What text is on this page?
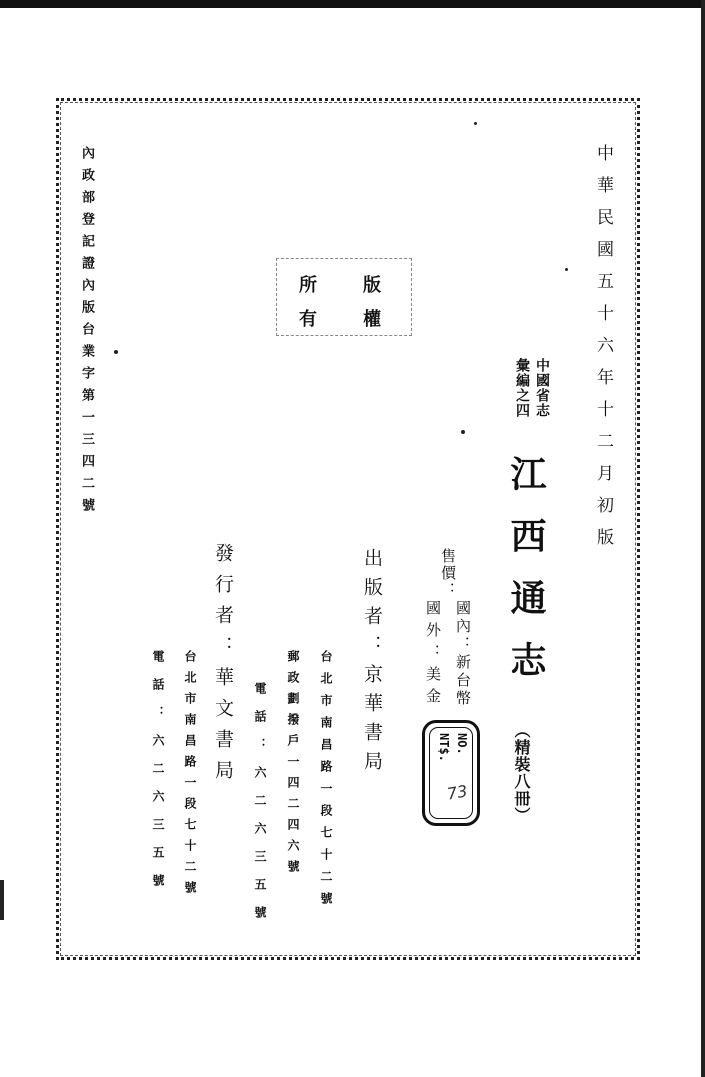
內政部登記證內版台業字第一三四二號	中華民國五十六年十二月初版
版
權
所
有
中國省志
彙編之四
江西通志
（精裝八冊）
售價：
國內：新台幣
國外：美金
NO.
NT$.
73
出版者：京華書局
台北市南昌路一段七十二號
郵政劃撥戶一四二四六號
電話：六二六三五號
發行者：華文書局
台北市南昌路一段七十二號
電話：六二六三五號
